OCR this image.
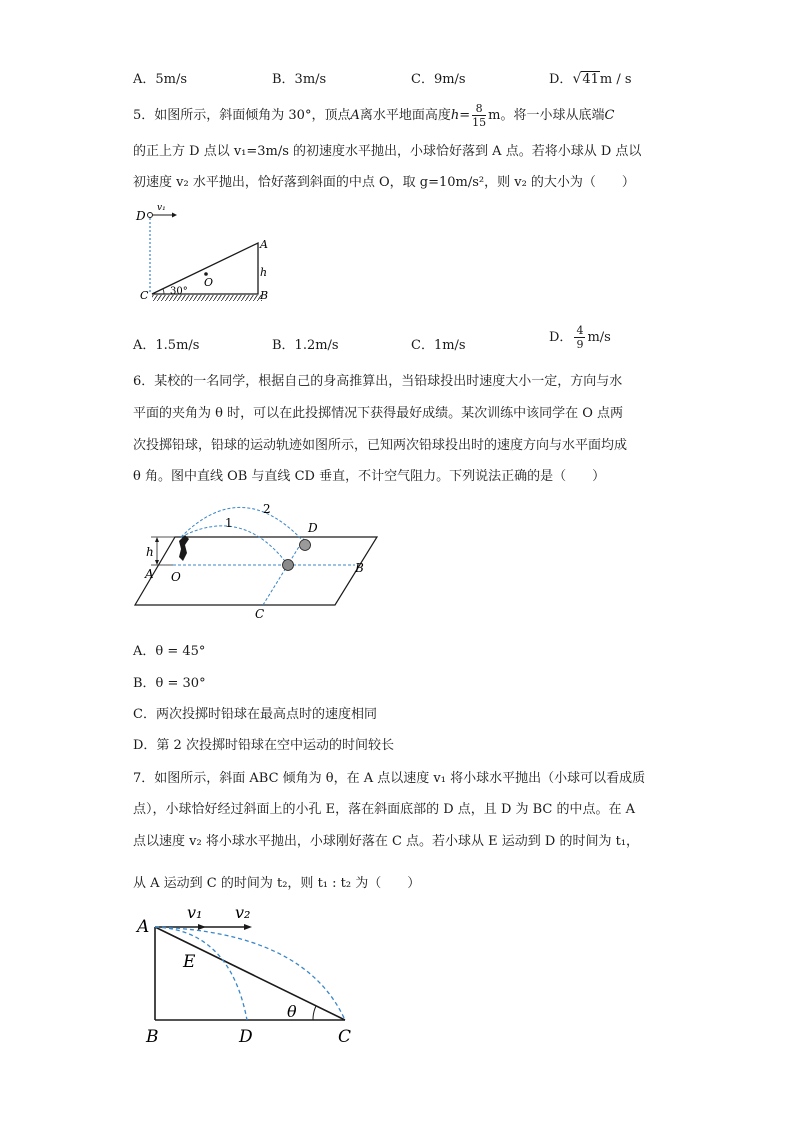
A．5m/s	B．3m/s	C．9m/s	D．√41m / s
5．如图所示，斜面倾角为 30°，顶点A离水平地面高度$h= \frac{8}{15}$ m。将一小球从底端C
的正上方 D 点以 v₁=3m/s 的初速度水平抛出，小球恰好落到 A 点。若将小球从 D 点以
初速度 v₂ 水平抛出，恰好落到斜面的中点 O，取 g=10m/s²，则 v₂ 的大小为（　　）
D
v₁
A
h
O
C 30°	B
A．1.5m/s	B．1.2m/s	C．1m/s
D． $\frac{4}{9} m/s$
6．某校的一名同学，根据自己的身高推算出，当铅球投出时速度大小一定，方向与水
平面的夹角为 θ 时，可以在此投掷情况下获得最好成绩。某次训练中该同学在 O 点两
次投掷铅球，铅球的运动轨迹如图所示，已知两次铅球投出时的速度方向与水平面均成
θ 角。图中直线 OB 与直线 CD 垂直，不计空气阻力。下列说法正确的是（　　）
2
1	D
h
A O
B
C
A．θ = 45°
B．θ = 30°
C．两次投掷时铅球在最高点时的速度相同
D．第 2 次投掷时铅球在空中运动的时间较长
7．如图所示，斜面 ABC 倾角为 θ，在 A 点以速度 v₁ 将小球水平抛出（小球可以看成质
点），小球恰好经过斜面上的小孔 E，落在斜面底部的 D 点，且 D 为 BC 的中点。在 A
点以速度 v₂ 将小球水平抛出，小球刚好落在 C 点。若小球从 E 运动到 D 的时间为 t₁，
从 A 运动到 C 的时间为 t₂，则 t₁ : t₂ 为（　　）
A
v₁ v₂
E
θ
B	D	C
